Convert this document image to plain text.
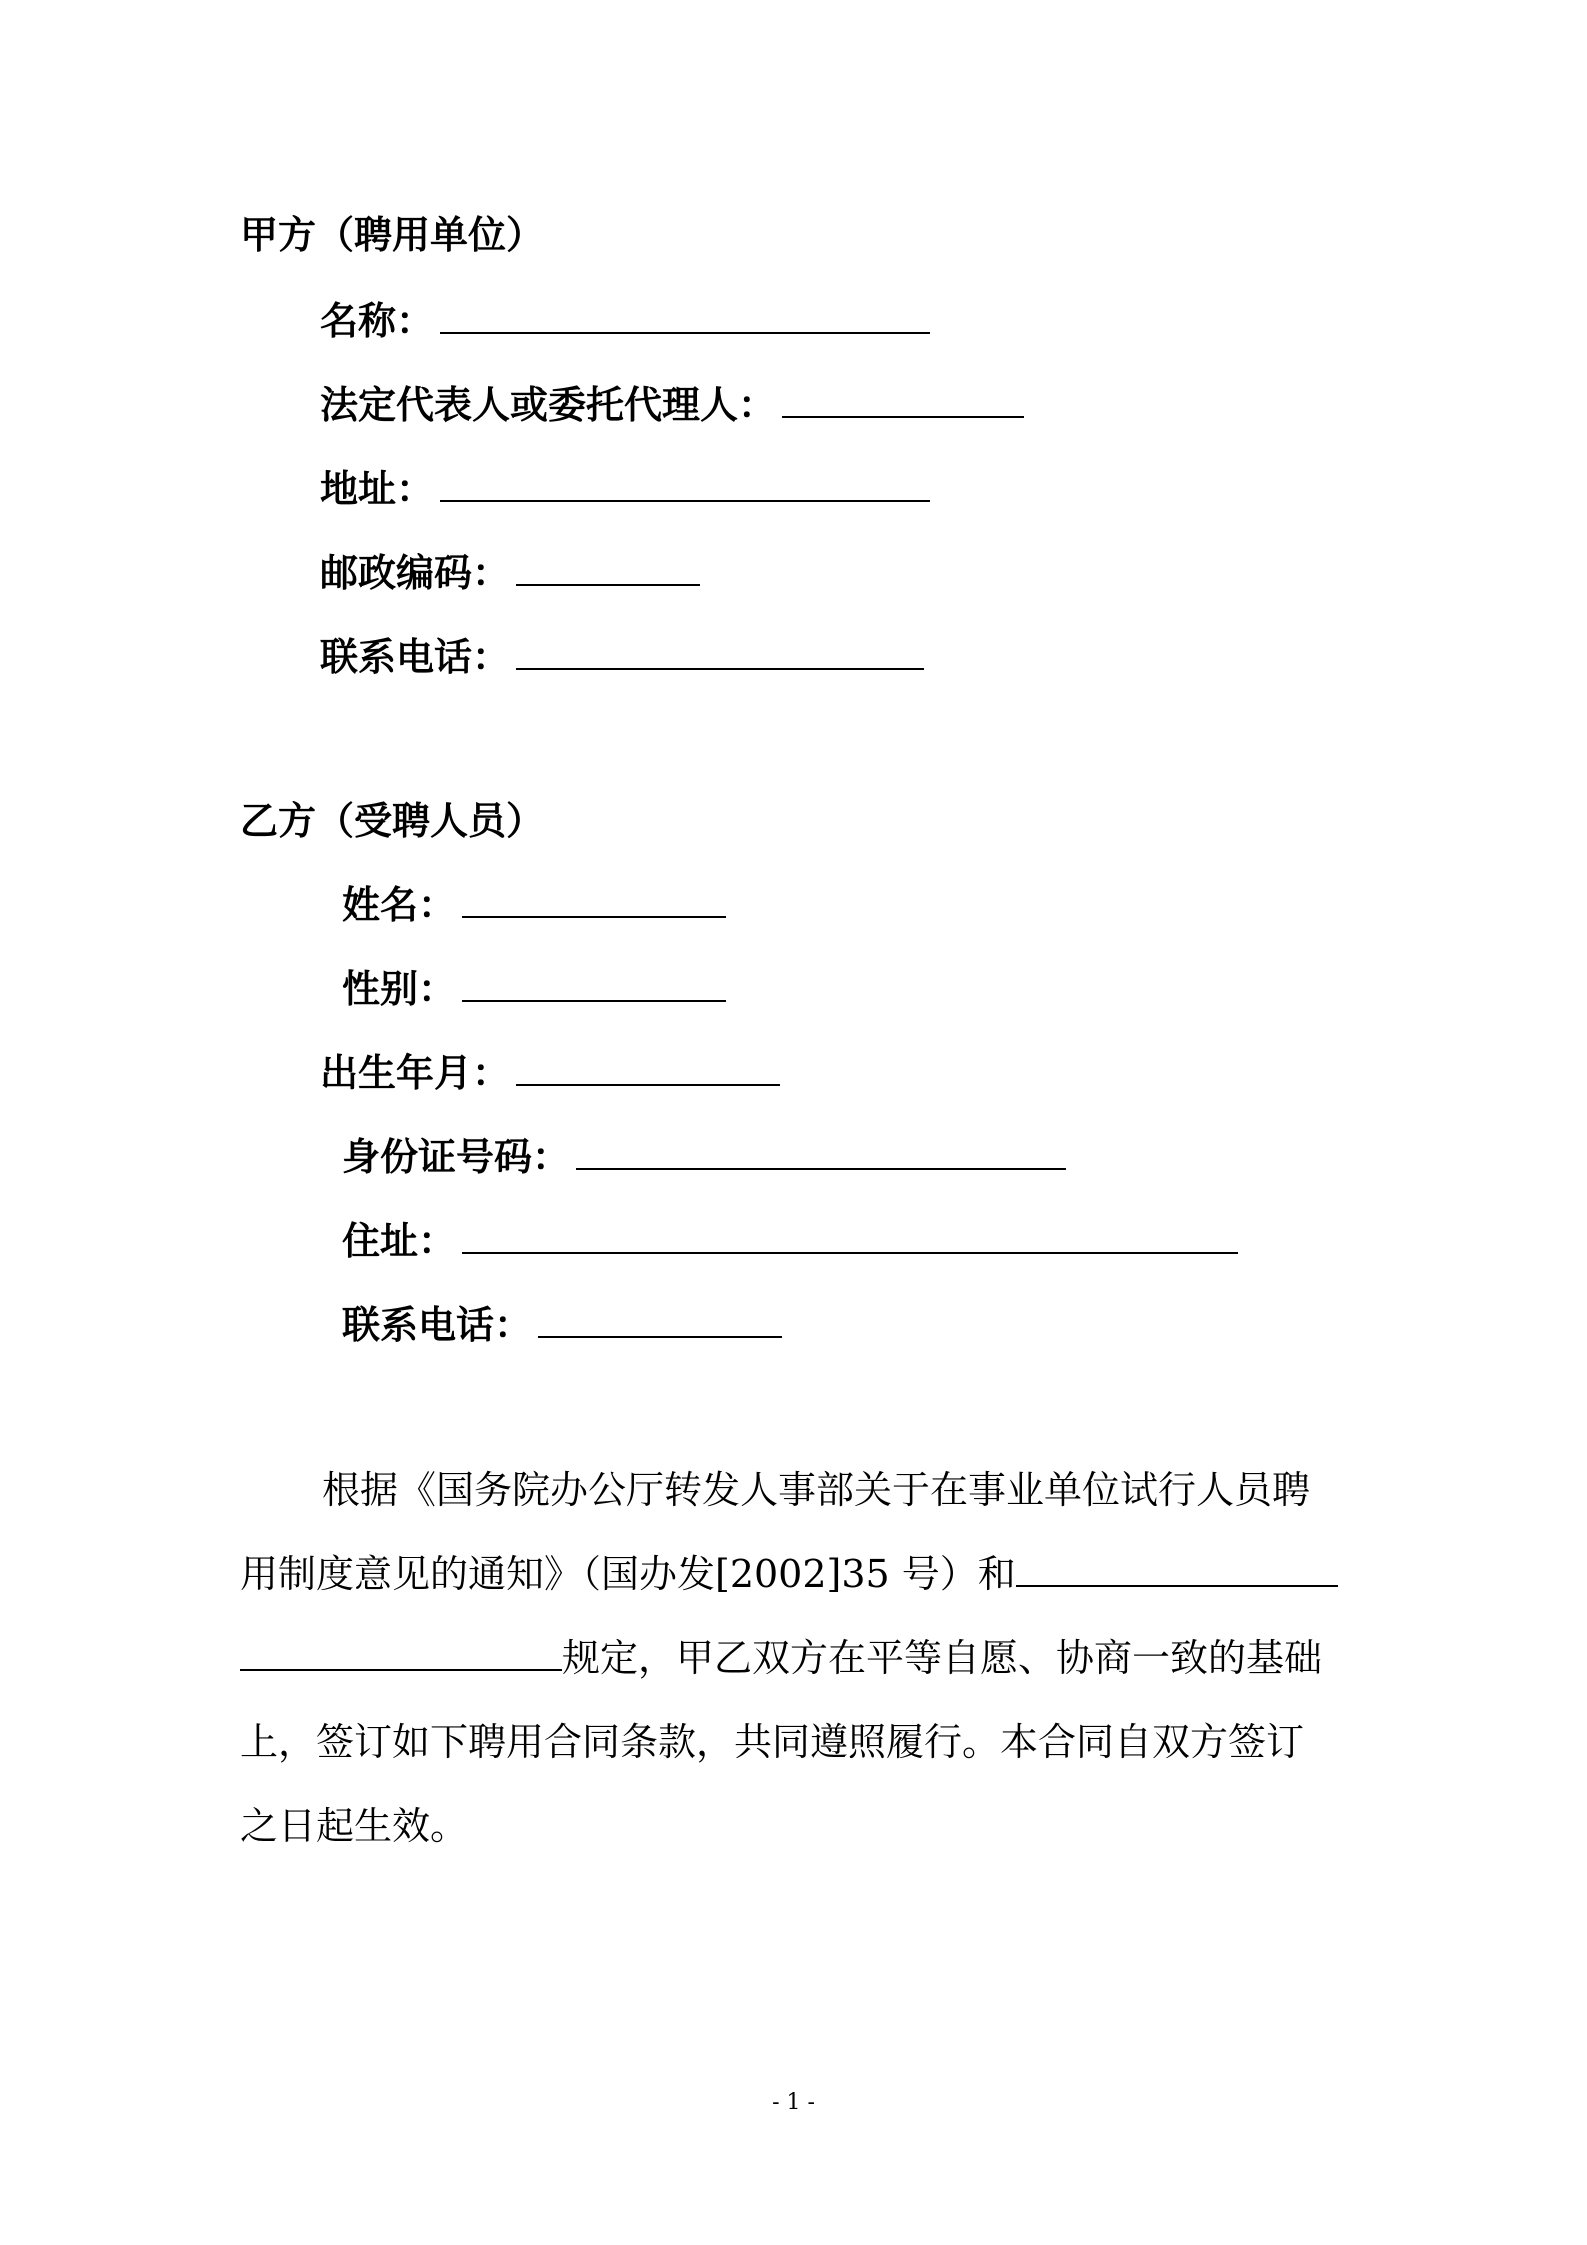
甲方（聘用单位）
名称：
法定代表人或委托代理人：
地址：
邮政编码：
联系电话：
乙方（受聘人员）
姓名：
性别：
出生年月：
身份证号码：
住址：
联系电话：
根据《国务院办公厅转发人事部关于在事业单位试行人员聘
用制度意见的通知》（国办发[2002]35 号）和
规定，甲乙双方在平等自愿、协商一致的基础
上，签订如下聘用合同条款，共同遵照履行。本合同自双方签订
之日起生效。
- 1 -
